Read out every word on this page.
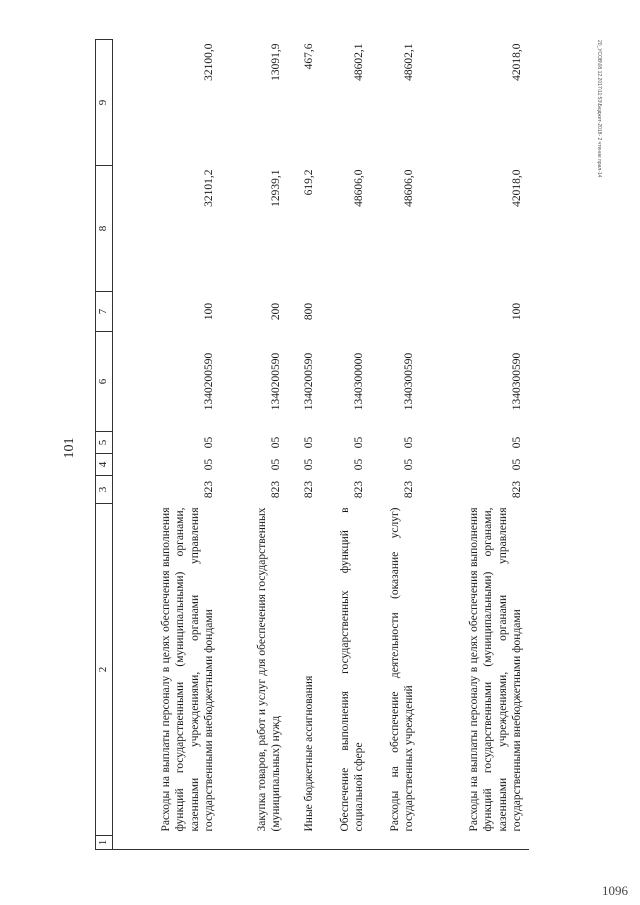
101
20_УСОВ\08.12.2017\11:53\Бюджет-2018- 2 чтение прил-14
1096
1	2	3	4	5	6	7	8	9
	Расходы на выплаты персоналу в целях обеспечения выполнения функций государственными (муниципальными) органами, казенными учреждениями, органами управления государственными внебюджетными фондами	823	05	05	1340200590	100	32101,2	32100,0
	Закупка товаров, работ и услуг для обеспечения государственных (муниципальных) нужд	823	05	05	1340200590	200	12939,1	13091,9
	Иные бюджетные ассигнования	823	05	05	1340200590	800	619,2	467,6
	Обеспечение выполнения государственных функций в социальной сфере	823	05	05	1340300000		48606,0	48602,1
	Расходы на обеспечение деятельности (оказание услуг) государственных учреждений	823	05	05	1340300590		48606,0	48602,1
	Расходы на выплаты персоналу в целях обеспечения выполнения функций государственными (муниципальными) органами, казенными учреждениями, органами управления государственными внебюджетными фондами	823	05	05	1340300590	100	42018,0	42018,0
